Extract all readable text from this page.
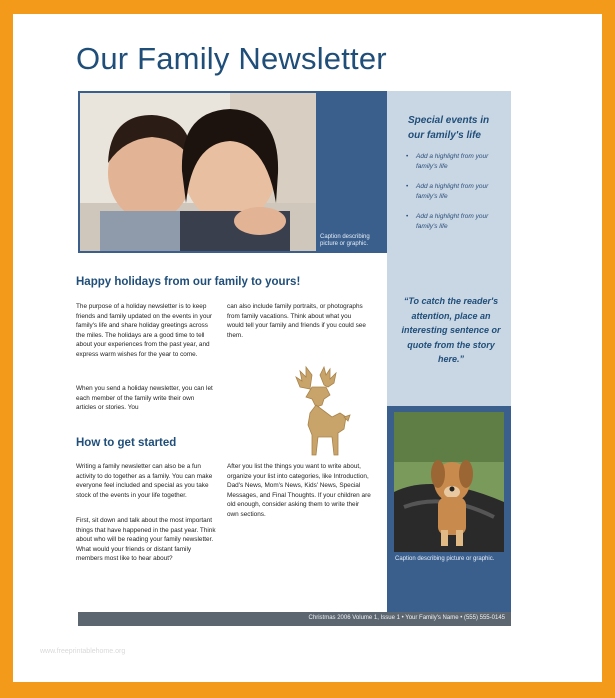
Our Family Newsletter
Caption describing picture or graphic.
Special events in our family's life
• Add a highlight from your family's life
• Add a highlight from your family's life
• Add a highlight from your family's life
“To catch the reader's attention, place an interesting sentence or quote from the story here.”
Caption describing picture or graphic.
Happy holidays from our family to yours!
The purpose of a holiday newsletter is to keep friends and family updated on the events in your family's life and share holiday greetings across the miles. The holidays are a good time to tell about your experiences from the past year, and express warm wishes for the year to come.
When you send a holiday newsletter, you can let each member of the family write their own articles or stories. You
can also include family portraits, or photographs from family vacations. Think about what you would tell your family and friends if you could see them.
How to get started
Writing a family newsletter can also be a fun activity to do together as a family. You can make everyone feel included and special as you take stock of the events in your life together.
First, sit down and talk about the most important things that have happened in the past year. Think about who will be reading your family newsletter. What would your friends or distant family members most like to hear about?
After you list the things you want to write about, organize your list into categories, like Introduction, Dad's News, Mom's News, Kids' News, Special Messages, and Final Thoughts. If your children are old enough, consider asking them to write their own sections.
Christmas 2006 Volume 1, Issue 1 • Your Family's Name • (555) 555-0145
www.freeprintablehome.org
